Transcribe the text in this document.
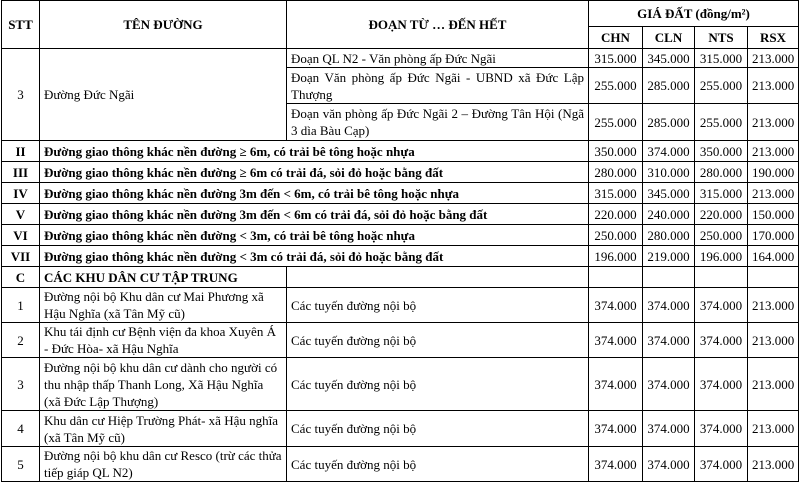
STT	TÊN ĐƯỜNG	ĐOẠN TỪ … ĐẾN HẾT	GIÁ ĐẤT (đồng/m²)			
			CHN	CLN	NTS	RSX
3	Đường Đức Ngãi	Đoạn QL N2 - Văn phòng ấp Đức Ngãi	315.000	345.000	315.000	213.000
		Đoạn Văn phòng ấp Đức Ngãi - UBND xã Đức Lập Thượng	255.000	285.000	255.000	213.000
		Đoạn văn phòng ấp Đức Ngãi 2 – Đường Tân Hội (Ngã 3 dìa Bàu Cạp)	255.000	285.000	255.000	213.000
II	Đường giao thông khác nền đường ≥ 6m, có trải bê tông hoặc nhựa		350.000	374.000	350.000	213.000
III	Đường giao thông khác nền đường ≥ 6m có trải đá, sỏi đỏ hoặc bằng đất		280.000	310.000	280.000	190.000
IV	Đường giao thông khác nền đường 3m đến < 6m, có trải bê tông hoặc nhựa		315.000	345.000	315.000	213.000
V	Đường giao thông khác nền đường 3m đến < 6m có trải đá, sỏi đỏ hoặc bằng đất		220.000	240.000	220.000	150.000
VI	Đường giao thông khác nền đường < 3m, có trải bê tông hoặc nhựa		250.000	280.000	250.000	170.000
VII	Đường giao thông khác nền đường < 3m có trải đá, sỏi đỏ hoặc bằng đất		196.000	219.000	196.000	164.000
C	CÁC KHU DÂN CƯ TẬP TRUNG					
1	Đường nội bộ Khu dân cư Mai Phương xã Hậu Nghĩa (xã Tân Mỹ cũ)	Các tuyến đường nội bộ	374.000	374.000	374.000	213.000
2	Khu tái định cư Bệnh viện đa khoa Xuyên Á - Đức Hòa- xã Hậu Nghĩa	Các tuyến đường nội bộ	374.000	374.000	374.000	213.000
3	Đường nội bộ khu dân cư dành cho người có thu nhập thấp Thanh Long, Xã Hậu Nghĩa (xã Đức Lập Thượng)	Các tuyến đường nội bộ	374.000	374.000	374.000	213.000
4	Khu dân cư Hiệp Trường Phát- xã Hậu nghĩa (xã Tân Mỹ cũ)	Các tuyến đường nội bộ	374.000	374.000	374.000	213.000
5	Đường nội bộ khu dân cư Resco (trừ các thửa tiếp giáp QL N2)	Các tuyến đường nội bộ	374.000	374.000	374.000	213.000
